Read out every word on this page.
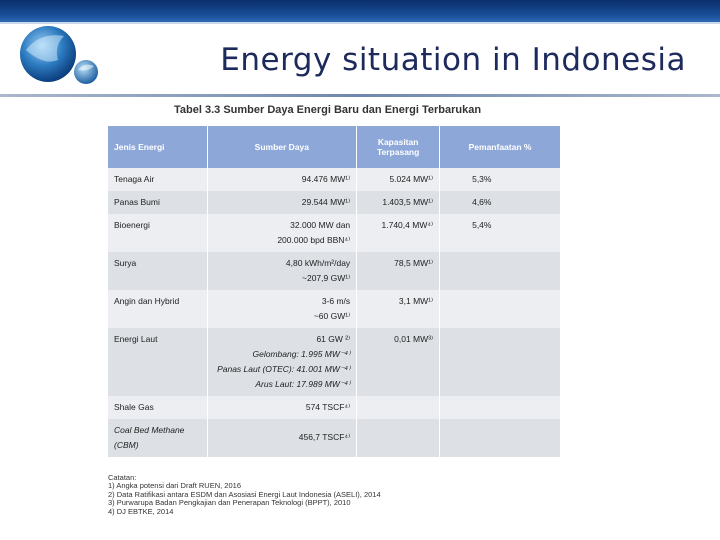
Energy situation in Indonesia
Tabel 3.3 Sumber Daya Energi Baru dan Energi Terbarukan
Jenis Energi	Sumber Daya	Kapasitan Terpasang	Pemanfaatan %
Tenaga Air	94.476 MW¹⁾	5.024 MW¹⁾	5,3%
Panas Bumi	29.544 MW¹⁾	1.403,5 MW¹⁾	4,6%
Bioenergi	32.000 MW dan
200.000 bpd BBN⁴⁾	1.740,4 MW⁴⁾	5,4%
Surya	4,80 kWh/m²/day
~207,9 GW¹⁾	78,5 MW¹⁾	
Angin dan Hybrid	3-6 m/s
~60 GW¹⁾	3,1 MW¹⁾	
Energi Laut	61 GW ²⁾
Gelombang: 1.995 MW⁻⁴⁾
Panas Laut (OTEC): 41.001 MW⁻⁴⁾
Arus Laut: 17.989 MW⁻⁴⁾	0,01 MW³⁾	
Shale Gas	574 TSCF⁴⁾		

Coal Bed Methane
(CBM)	456,7 TSCF⁴⁾		

Catatan:
1) Angka potensi dari Draft RUEN, 2016
2) Data Ratifikasi antara ESDM dan Asosiasi Energi Laut Indonesia (ASELI), 2014
3) Purwarupa Badan Pengkajian dan Penerapan Teknologi (BPPT), 2010
4) DJ EBTKE, 2014
